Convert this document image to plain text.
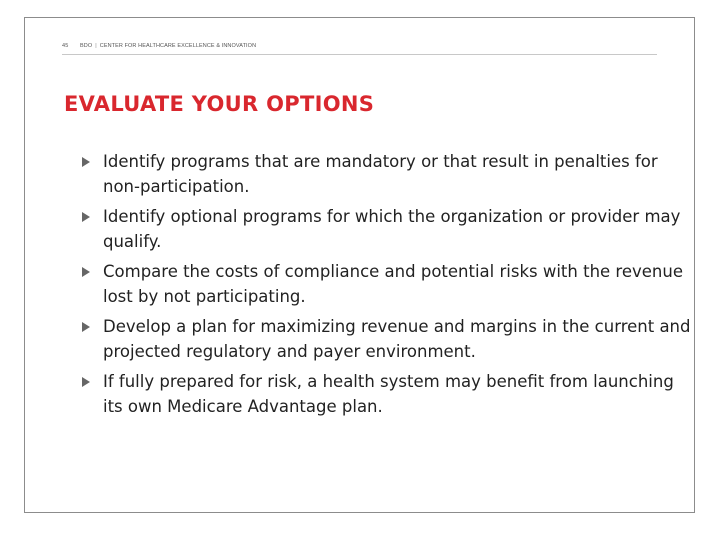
45 BDO | CENTER FOR HEALTHCARE EXCELLENCE & INNOVATION
EVALUATE YOUR OPTIONS
Identify programs that are mandatory or that result in penalties for non-participation.
Identify optional programs for which the organization or provider may qualify.
Compare the costs of compliance and potential risks with the revenue lost by not participating.
Develop a plan for maximizing revenue and margins in the current and projected regulatory and payer environment.
If fully prepared for risk, a health system may benefit from launching its own Medicare Advantage plan.
